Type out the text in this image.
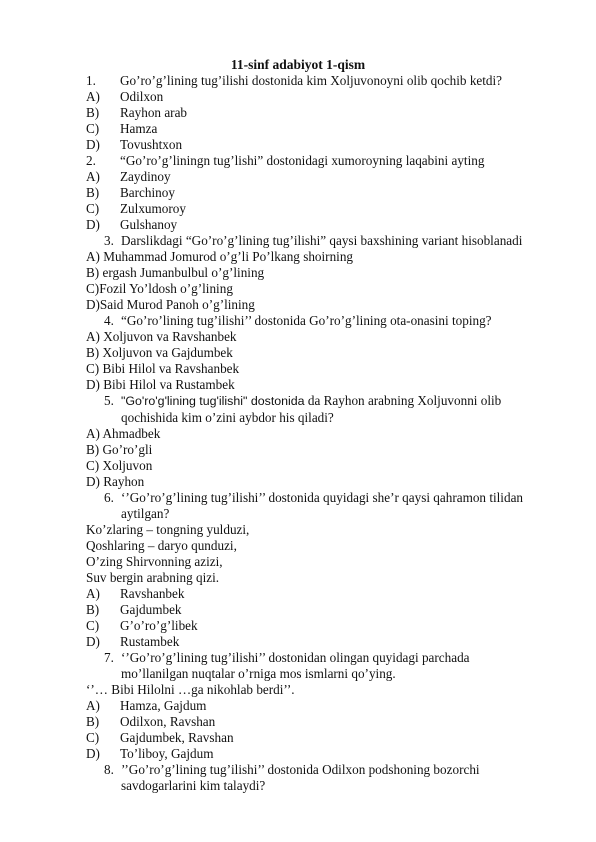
11-sinf adabiyot 1-qism
1. Go’ro’g’lining tug’ilishi dostonida kim Xoljuvonoyni olib qochib ketdi?
A) Odilxon
B) Rayhon arab
C) Hamza
D) Tovushtxon
2. “Go’ro’g’liningn tug’lishi” dostonidagi xumoroyning laqabini ayting
A) Zaydinoy
B) Barchinoy
C) Zulxumoroy
D) Gulshanoy
3. Darslikdagi “Go’ro’g’lining tug’ilishi” qaysi baxshining variant hisoblanadi
A) Muhammad Jomurod o’g’li Po’lkang shoirning
B) ergash Jumanbulbul o’g’lining
C)Fozil Yo’ldosh o’g’lining
D)Said Murod Panoh o’g’lining
4. “Go’ro’lining tug’ilishi’’ dostonida Go’ro’g’lining ota-onasini toping?
A) Xoljuvon va Ravshanbek
B) Xoljuvon va Gajdumbek
C) Bibi Hilol va Ravshanbek
D) Bibi Hilol va Rustambek
5. "Go'ro'g'lining tug'ilishi" dostonida da Rayhon arabning Xoljuvonni olib
qochishida kim o’zini aybdor his qiladi?
A) Ahmadbek
B) Go’ro’gli
C) Xoljuvon
D) Rayhon
6. ‘’Go’ro’g’lining tug’ilishi’’ dostonida quyidagi she’r qaysi qahramon tilidan
aytilgan?
Ko’zlaring – tongning yulduzi,
Qoshlaring – daryo qunduzi,
O’zing Shirvonning azizi,
Suv bergin arabning qizi.
A) Ravshanbek
B) Gajdumbek
C) G’o’ro’g’libek
D) Rustambek
7. ‘’Go’ro’g’lining tug’ilishi’’ dostonidan olingan quyidagi parchada
mo’llanilgan nuqtalar o’rniga mos ismlarni qo’ying.
‘’… Bibi Hilolni …ga nikohlab berdi’’.
A) Hamza, Gajdum
B) Odilxon, Ravshan
C) Gajdumbek, Ravshan
D) To’liboy, Gajdum
8. ’’Go’ro’g’lining tug’ilishi’’ dostonida Odilxon podshoning bozorchi
savdogarlarini kim talaydi?
